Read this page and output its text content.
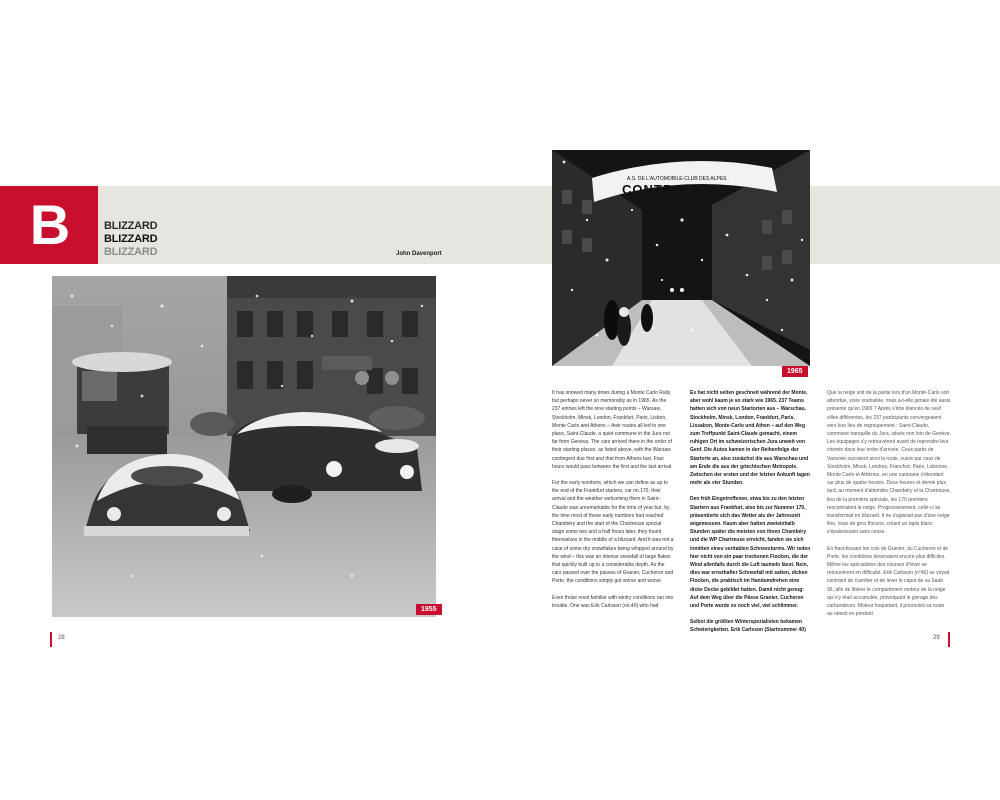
B	BLIZZARD
BLIZZARD
BLIZZARD	John Davenport
1955
A.S. DE L'AUTOMOBILE-CLUB DES ALPES
CONTROLE
1965

It has snowed many times during a Monte Carlo Rally but perhaps never so memorably as in 1965. As the 237 entries left the nine starting points – Warsaw, Stockholm, Minsk, London, Frankfurt, Paris, Lisbon, Monte Carlo and Athens – their routes all led to one place, Saint-Claude, a quiet commune in the Jura not far from Geneva. The cars arrived there in the order of their starting places, as listed above, with the Warsaw contingent due first and that from Athens last. Four hours would pass between the first and the last arrival.

For the early numbers, which we can define as up to the end of the Frankfurt starters, car no.170, their arrival and the weather welcoming them in Saint-Claude was unremarkable for the time of year but, by the time most of these early numbers had reached Chambéry and the start of the Chartreuse special stage some two and a half hours later, they found themselves in the middle of a blizzard. And it was not a case of some dry snowflakes being whipped around by the wind – this was an intense snowfall of large flakes that quickly built up to a considerable depth. As the cars passed over the passes of Granier, Cucheron and Porte, the conditions simply got worse and worse.

Even those most familiar with wintry conditions ran into trouble. One was Erik Carlsson (no.40) who had

Es hat nicht selten geschneit während der Monte, aber wohl kaum je so stark wie 1965. 237 Teams hatten sich von neun Startorten aus – Warschau, Stockholm, Minsk, London, Frankfurt, Paris, Lissabon, Monte-Carlo und Athen – auf den Weg zum Treffpunkt Saint-Claude gemacht, einem ruhigen Ort im schweizerischen Jura unweit von Genf. Die Autos kamen in der Reihenfolge der Startorte an, also zunächst die aus Warschau und am Ende die aus der griechischen Metropole. Zwischen der ersten und der letzten Ankunft lagen mehr als vier Stunden.

Den früh Eingetroffenen, etwa bis zu den letzten Startern aus Frankfurt, also bis zur Nummer 170, präsentierte sich das Wetter als der Jahreszeit angemessen. Kaum aber hatten zweieinhalb Stunden später die meisten von ihnen Chambéry und die WP Chartreuse erreicht, fanden sie sich inmitten eines veritablen Schneesturms. Wir reden hier nicht von ein paar trockenen Flocken, die der Wind allenfalls durch die Luft taumeln lässt. Nein, dies war ernsthafter Schneefall mit satten, dicken Flocken, die praktisch im Handumdrehen eine dicke Decke gebildet hatten. Damit nicht genug: Auf dem Weg über die Pässe Granier, Cucheron und Porte wurde es noch viel, viel schlimmer.

Selbst die größten Winterspezialisten bekamen Schwierigkeiten. Erik Carlsson (Startnummer 40)

Que la neige soit de la partie lors d'un Monte-Carlo soit attendue, voire souhaitée, mais a-t-elle jamais été aussi présente qu'en 1965 ? Après s'être élancés de neuf villes différentes, les 237 participants convergeaient vers leur lieu de regroupement : Saint-Claude, commune tranquille du Jura, située non loin de Genève. Les équipages s'y retrouvèrent avant de reprendre leur chemin dans leur ordre d'arrivée. Ceux partis de Varsovie ouvraient ainsi la route, suivis par ceux de Stockholm, Minsk, Londres, Francfort, Paris, Lisbonne, Monte Carlo et Athènes, en une caravane s'étendant sur plus de quatre heures. Deux heures et demie plus tard, au moment d'atteindre Chambéry et la Chartreuse, lieu de la première spéciale, les 170 premiers rencontraient la neige. Progressivement, celle-ci se transformait en blizzard. Il ne s'agissait pas d'une neige fine, mais de gros flocons, créant un tapis blanc s'épaississant sans cesse.

En franchissant les cols de Granier, du Cucheron et de Porte, les conditions devenaient encore plus difficiles. Même les spécialistes des courses d'hiver se retrouvèrent en difficulté. Erik Carlsson (n°40) se voyait contraint de s'arrêter et de lever le capot de sa Saab 96, afin de libérer le compartiment moteur de la neige qui s'y était accumulée, provoquant le givrage des carburateurs. Moteur hoquetant, il poursuivit sa route au ralenti en perdant

28	29
